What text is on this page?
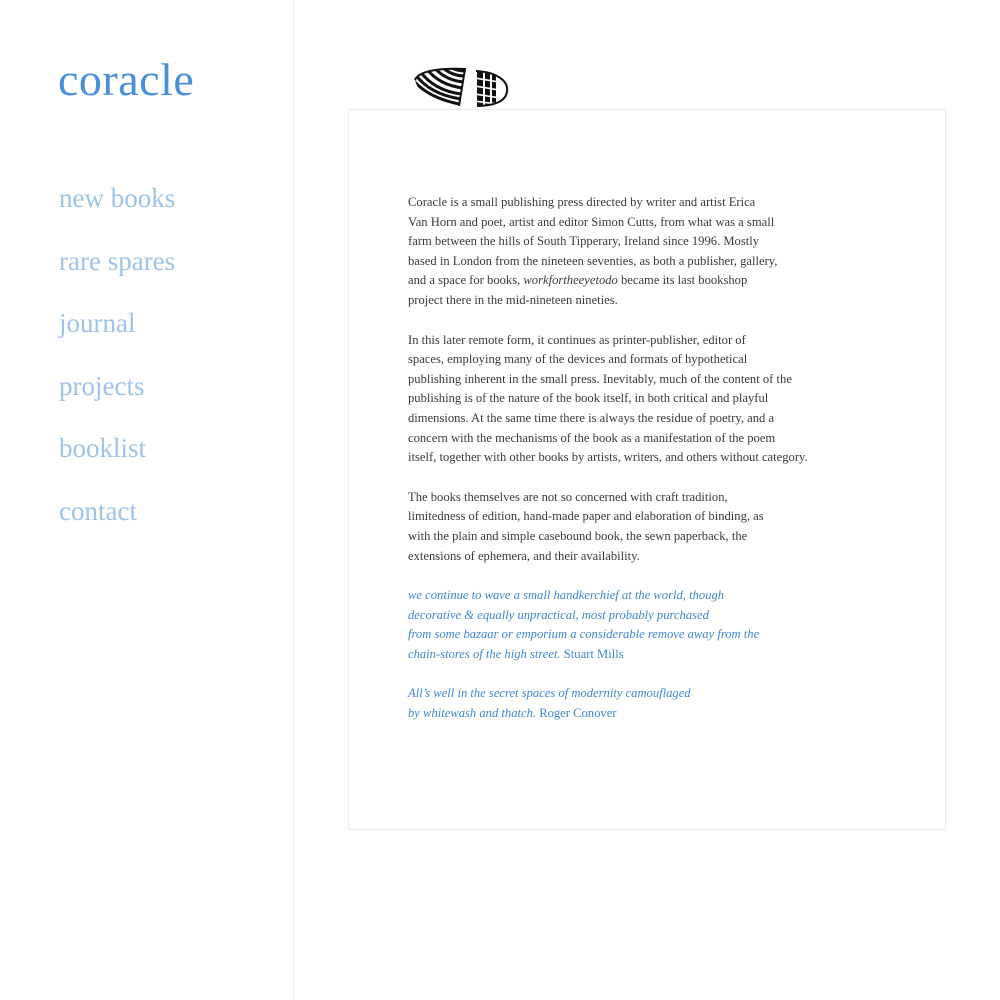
coracle
new books
rare spares
journal
projects
booklist
contact

Coracle is a small publishing press directed by writer and artist Erica
Van Horn and poet, artist and editor Simon Cutts, from what was a small
farm between the hills of South Tipperary, Ireland since 1996. Mostly
based in London from the nineteen seventies, as both a publisher, gallery,
and a space for books, workfortheeyetodo became its last bookshop
project there in the mid-nineteen nineties.

In this later remote form, it continues as printer-publisher, editor of
spaces, employing many of the devices and formats of hypothetical
publishing inherent in the small press. Inevitably, much of the content of the
publishing is of the nature of the book itself, in both critical and playful
dimensions. At the same time there is always the residue of poetry, and a
concern with the mechanisms of the book as a manifestation of the poem
itself, together with other books by artists, writers, and others without category.

The books themselves are not so concerned with craft tradition,
limitedness of edition, hand-made paper and elaboration of binding, as
with the plain and simple casebound book, the sewn paperback, the
extensions of ephemera, and their availability.

we continue to wave a small handkerchief at the world, though
decorative & equally unpractical, most probably purchased
from some bazaar or emporium a considerable remove away from the
chain-stores of the high street. Stuart Mills

All’s well in the secret spaces of modernity camouflaged
by whitewash and thatch. Roger Conover
